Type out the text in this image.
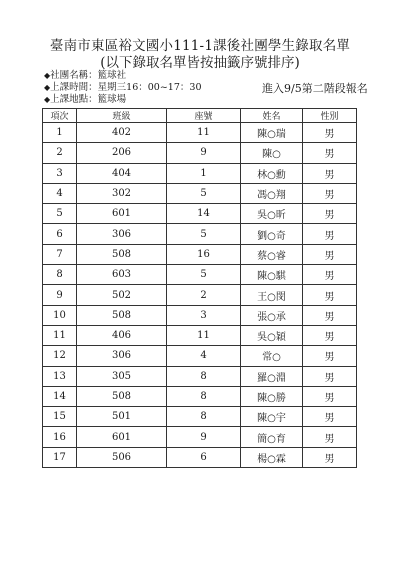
臺南市東區裕文國小111-1課後社團學生錄取名單
(以下錄取名單皆按抽籤序號排序)
◆社團名稱：籃球社
◆上課時間：星期三16：00~17：30
◆上課地點：籃球場
進入9/5第二階段報名
項次	班級	座號	姓名	性別
1	402	11	陳○瑞	男
2	206	9	陳○	男
3	404	1	林○勳	男
4	302	5	馮○翔	男
5	601	14	吳○昕	男
6	306	5	劉○奇	男
7	508	16	蔡○睿	男
8	603	5	陳○騏	男
9	502	2	王○閔	男
10	508	3	張○承	男
11	406	11	吳○穎	男
12	306	4	常○	男
13	305	8	羅○淵	男
14	508	8	陳○勝	男
15	501	8	陳○宇	男
16	601	9	簡○育	男
17	506	6	楊○霖	男
